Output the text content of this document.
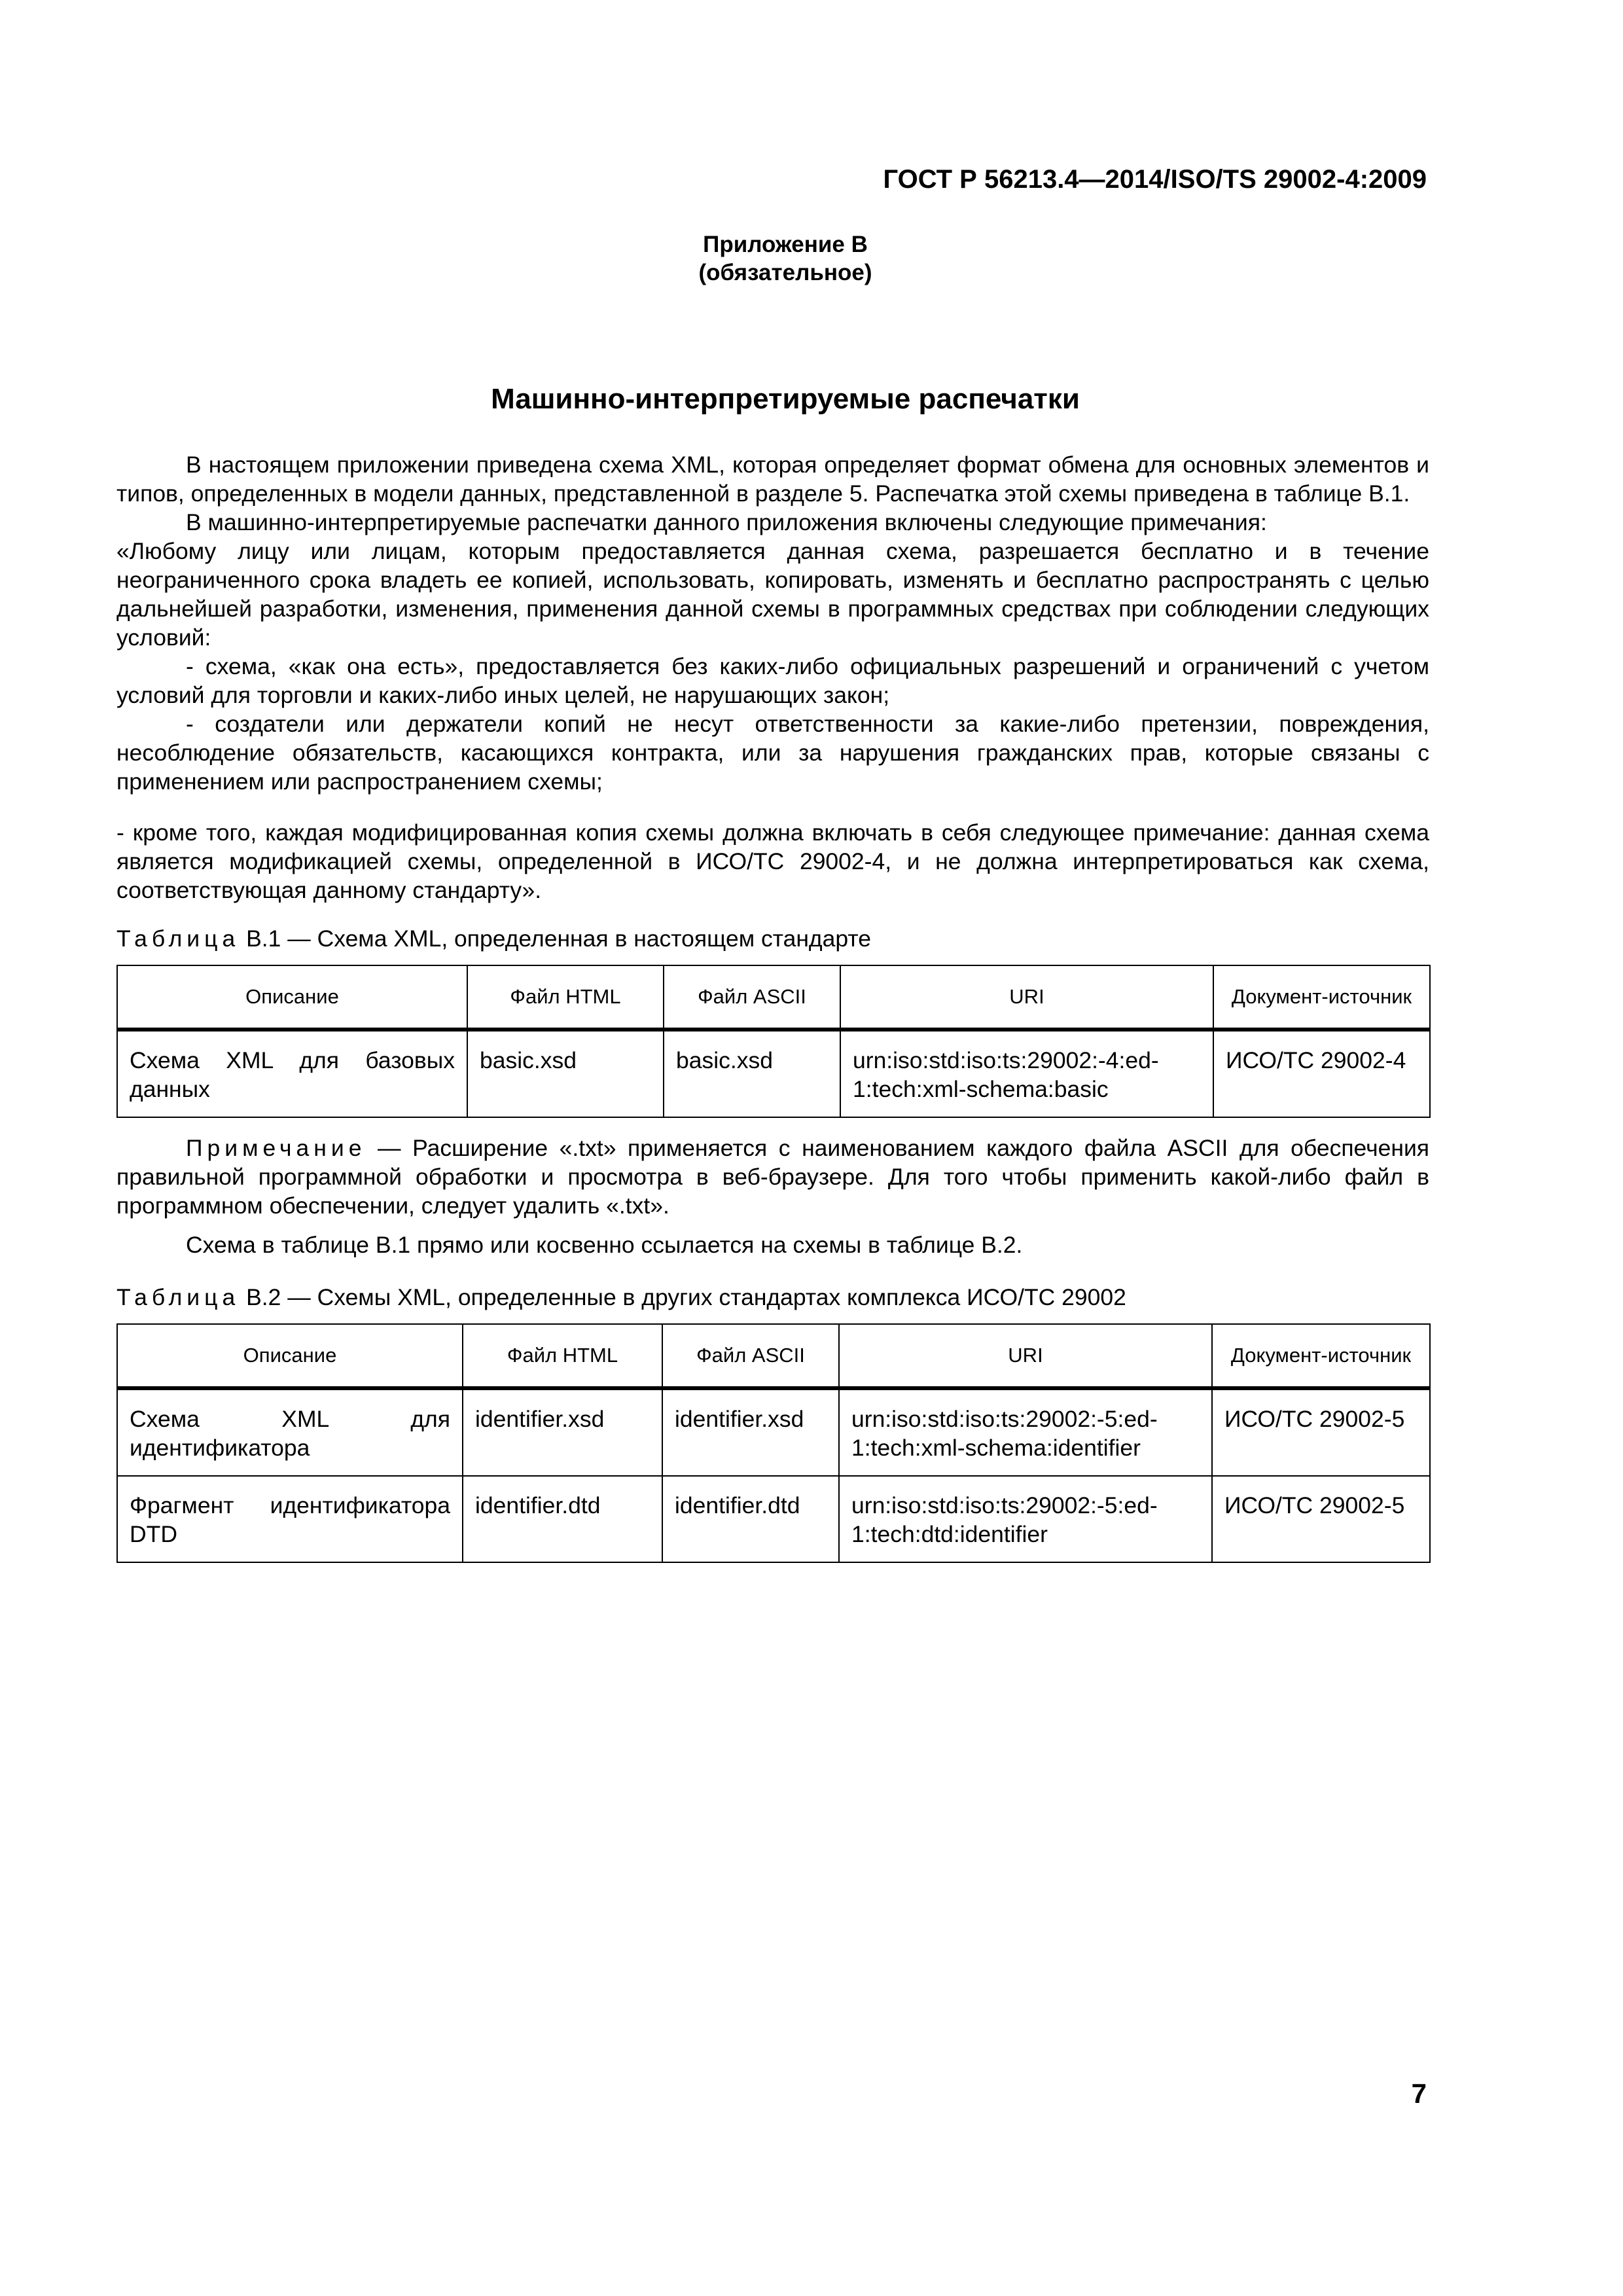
ГОСТ Р 56213.4—2014/ISO/TS 29002-4:2009
Приложение В
(обязательное)
Машинно-интерпретируемые распечатки

В настоящем приложении приведена схема XML, которая определяет формат обмена для основных элементов и типов, определенных в модели данных, представленной в разделе 5. Распечатка этой схемы приведена в таблице В.1.

В машинно-интерпретируемые распечатки данного приложения включены следующие примечания:

«Любому лицу или лицам, которым предоставляется данная схема, разрешается бесплатно и в течение неограниченного срока владеть ее копией, использовать, копировать, изменять и бесплатно распространять с целью дальнейшей разработки, изменения, применения данной схемы в программных средствах при соблюдении следующих условий:

- схема, «как она есть», предоставляется без каких-либо официальных разрешений и ограничений с учетом условий для торговли и каких-либо иных целей, не нарушающих закон;

- создатели или держатели копий не несут ответственности за какие-либо претензии, повреждения, несоблюдение обязательств, касающихся контракта, или за нарушения гражданских прав, которые связаны с применением или распространением схемы;

- кроме того, каждая модифицированная копия схемы должна включать в себя следующее примечание: данная схема является модификацией схемы, определенной в ИСО/ТС 29002-4, и не должна интерпретироваться как схема, соответствующая данному стандарту».

Таблица В.1 — Схема XML, определенная в настоящем стандарте

Описание	Файл HTML	Файл ASCII	URI	Документ-источник
Схема XML для базовых данных	basic.xsd	basic.xsd	urn:iso:std:iso:ts:29002:-4:ed-1:tech:xml-schema:basic	ИСО/ТС 29002-4

Примечание — Расширение «.txt» применяется с наименованием каждого файла ASCII для обеспечения правильной программной обработки и просмотра в веб-браузере. Для того чтобы применить какой-либо файл в программном обеспечении, следует удалить «.txt».

Схема в таблице В.1 прямо или косвенно ссылается на схемы в таблице В.2.

Таблица В.2 — Схемы XML, определенные в других стандартах комплекса ИСО/ТС 29002

Описание	Файл HTML	Файл ASCII	URI	Документ-источник
Схема XML для идентификатора	identifier.xsd	identifier.xsd	urn:iso:std:iso:ts:29002:-5:ed-1:tech:xml-schema:identifier	ИСО/ТС 29002-5
Фрагмент идентификатора DTD	identifier.dtd	identifier.dtd	urn:iso:std:iso:ts:29002:-5:ed-1:tech:dtd:identifier	ИСО/ТС 29002-5
7
